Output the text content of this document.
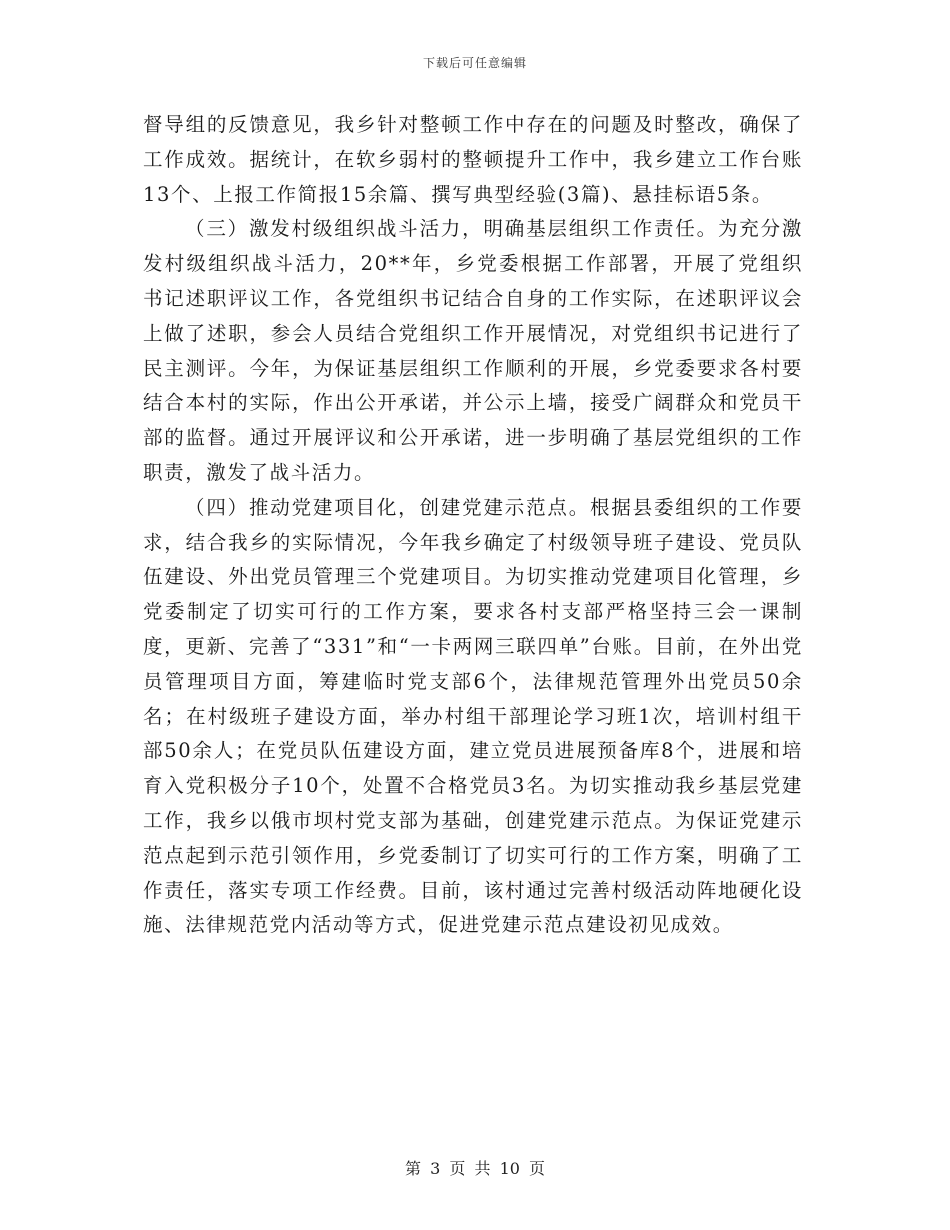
下载后可任意编辑

督导组的反馈意见，我乡针对整顿工作中存在的问题及时整改，确保了工作成效。据统计，在软乡弱村的整顿提升工作中，我乡建立工作台账13个、上报工作简报15余篇、撰写典型经验(3篇)、悬挂标语5条。

（三）激发村级组织战斗活力，明确基层组织工作责任。为充分激发村级组织战斗活力，20**年，乡党委根据工作部署，开展了党组织书记述职评议工作，各党组织书记结合自身的工作实际，在述职评议会上做了述职，参会人员结合党组织工作开展情况，对党组织书记进行了民主测评。今年，为保证基层组织工作顺利的开展，乡党委要求各村要结合本村的实际，作出公开承诺，并公示上墙，接受广阔群众和党员干部的监督。通过开展评议和公开承诺，进一步明确了基层党组织的工作职责，激发了战斗活力。

（四）推动党建项目化，创建党建示范点。根据县委组织的工作要求，结合我乡的实际情况，今年我乡确定了村级领导班子建设、党员队伍建设、外出党员管理三个党建项目。为切实推动党建项目化管理，乡党委制定了切实可行的工作方案，要求各村支部严格坚持三会一课制度，更新、完善了“331”和“一卡两网三联四单”台账。目前，在外出党员管理项目方面，筹建临时党支部6个，法律规范管理外出党员50余名；在村级班子建设方面，举办村组干部理论学习班1次，培训村组干部50余人；在党员队伍建设方面，建立党员进展预备库8个，进展和培育入党积极分子10个，处置不合格党员3名。为切实推动我乡基层党建工作，我乡以俄市坝村党支部为基础，创建党建示范点。为保证党建示范点起到示范引领作用，乡党委制订了切实可行的工作方案，明确了工作责任，落实专项工作经费。目前，该村通过完善村级活动阵地硬化设施、法律规范党内活动等方式，促进党建示范点建设初见成效。

第 3 页 共 10 页
